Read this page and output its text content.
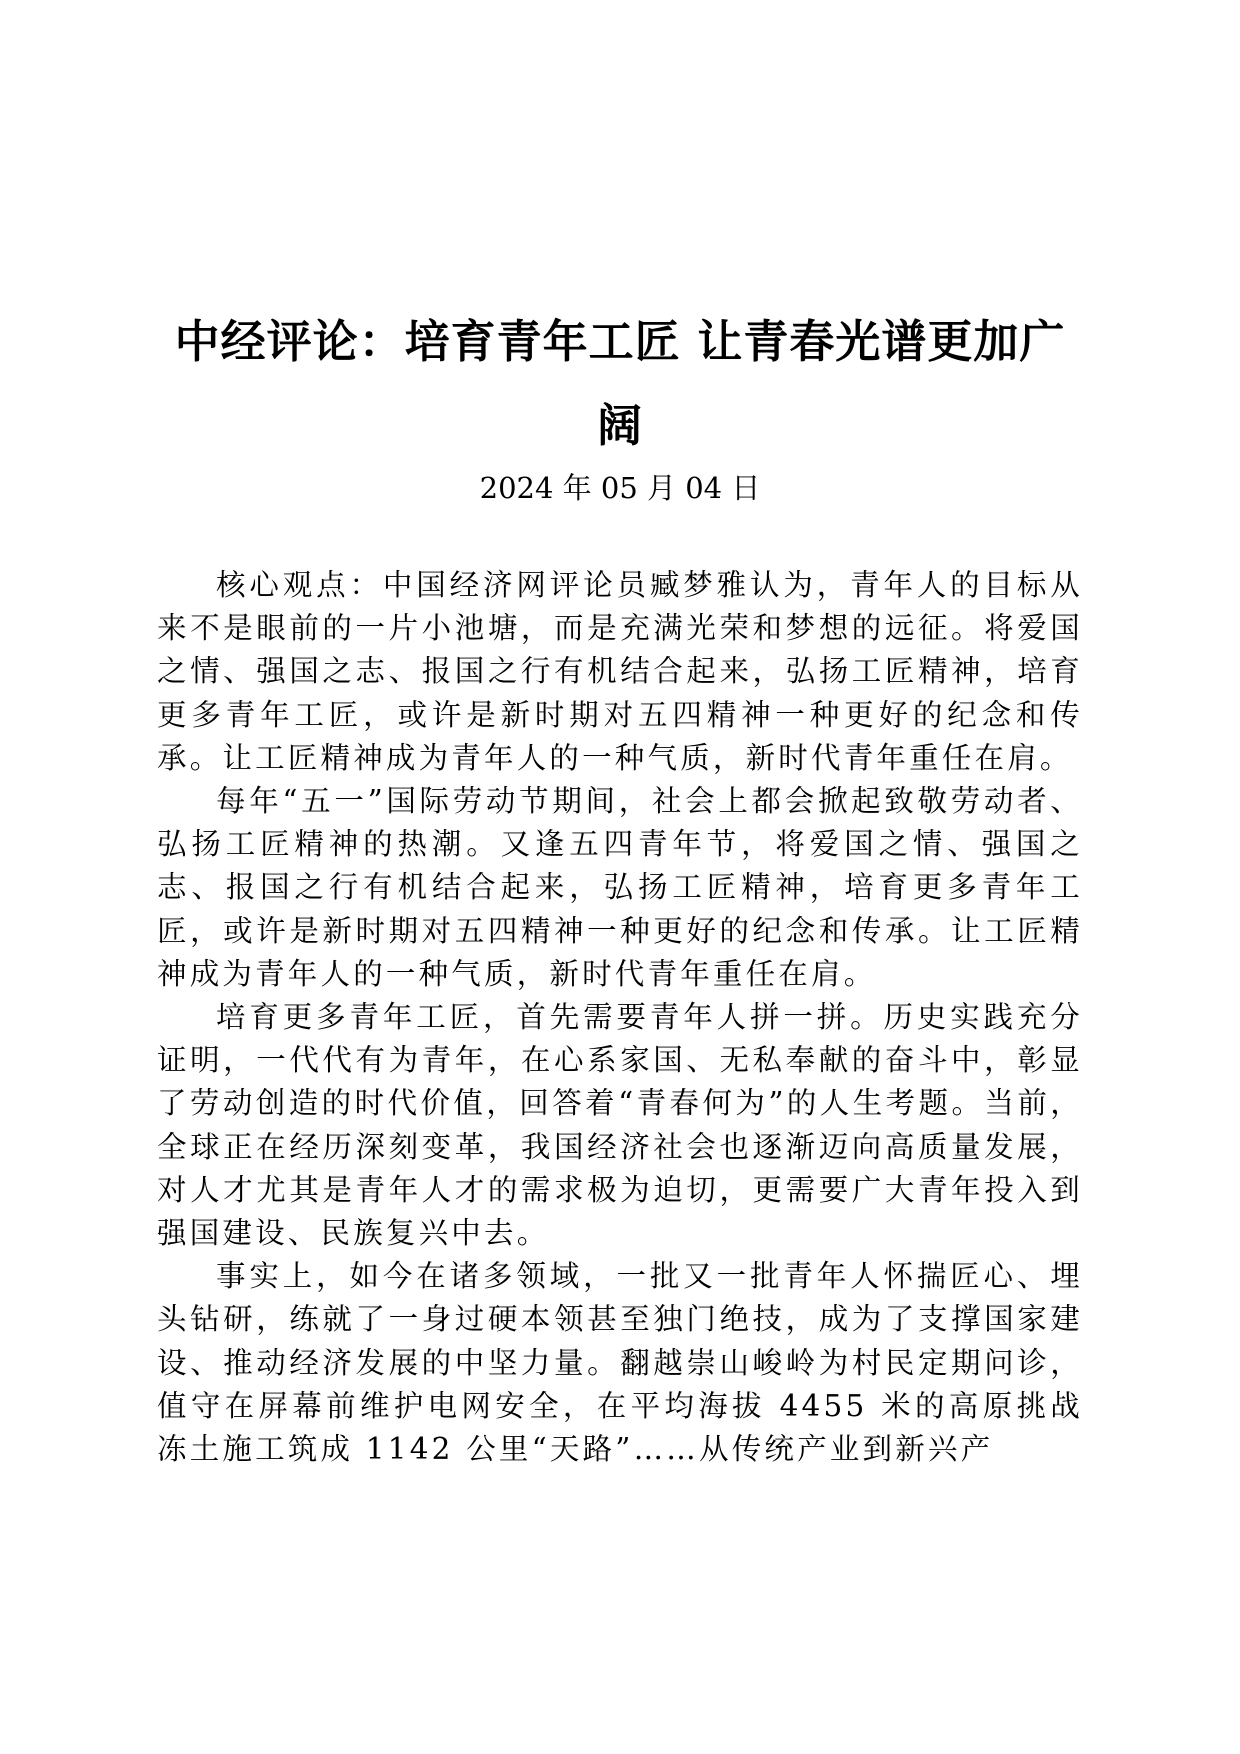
中经评论：培育青年工匠 让青春光谱更加广阔
2024 年 05 月 04 日

核心观点：中国经济网评论员臧梦雅认为，青年人的目标从来不是眼前的一片小池塘，而是充满光荣和梦想的远征。将爱国之情、强国之志、报国之行有机结合起来，弘扬工匠精神，培育更多青年工匠，或许是新时期对五四精神一种更好的纪念和传承。让工匠精神成为青年人的一种气质，新时代青年重任在肩。

每年“五一”国际劳动节期间，社会上都会掀起致敬劳动者、弘扬工匠精神的热潮。又逢五四青年节，将爱国之情、强国之志、报国之行有机结合起来，弘扬工匠精神，培育更多青年工匠，或许是新时期对五四精神一种更好的纪念和传承。让工匠精神成为青年人的一种气质，新时代青年重任在肩。

培育更多青年工匠，首先需要青年人拼一拼。历史实践充分证明，一代代有为青年，在心系家国、无私奉献的奋斗中，彰显了劳动创造的时代价值，回答着“青春何为”的人生考题。当前，全球正在经历深刻变革，我国经济社会也逐渐迈向高质量发展，对人才尤其是青年人才的需求极为迫切，更需要广大青年投入到强国建设、民族复兴中去。

事实上，如今在诸多领域，一批又一批青年人怀揣匠心、埋头钻研，练就了一身过硬本领甚至独门绝技，成为了支撑国家建设、推动经济发展的中坚力量。翻越崇山峻岭为村民定期问诊，值守在屏幕前维护电网安全，在平均海拔 4455 米的高原挑战冻土施工筑成 1142 公里“天路”……从传统产业到新兴产
